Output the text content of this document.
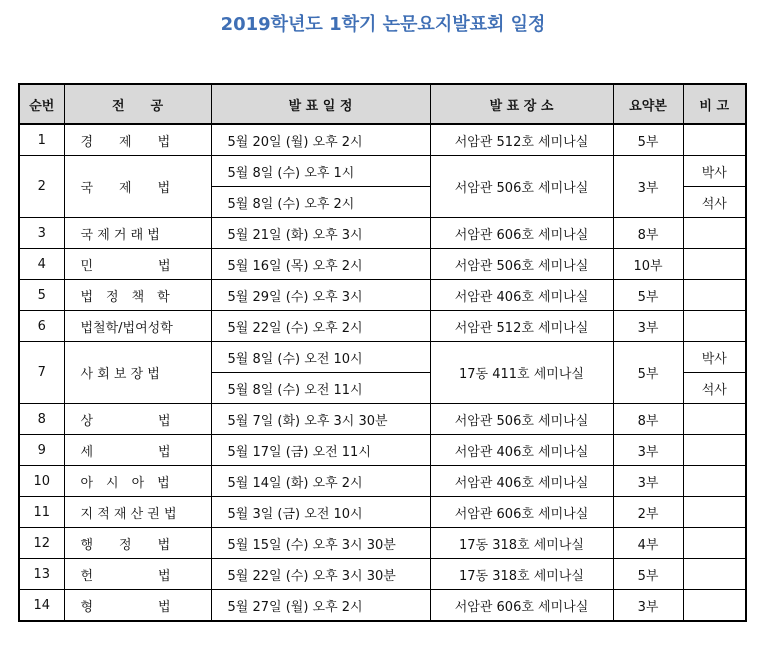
2019학년도 1학기 논문요지발표회 일정
순번	전　　공	발 표 일 정	발 표 장 소	요약본	비 고
1	경　　제　　법	5월 20일 (월) 오후 2시	서암관 512호 세미나실	5부	
2	국　　제　　법	5월 8일 (수) 오후 1시	서암관 506호 세미나실	3부	박사
		5월 8일 (수) 오후 2시			석사
3	국 제 거 래 법	5월 21일 (화) 오후 3시	서암관 606호 세미나실	8부	
4	민　　　　　법	5월 16일 (목) 오후 2시	서암관 506호 세미나실	10부	
5	법　정　책　학	5월 29일 (수) 오후 3시	서암관 406호 세미나실	5부	
6	법철학/법여성학	5월 22일 (수) 오후 2시	서암관 512호 세미나실	3부	
7	사 회 보 장 법	5월 8일 (수) 오전 10시	17동 411호 세미나실	5부	박사
		5월 8일 (수) 오전 11시			석사
8	상　　　　　법	5월 7일 (화) 오후 3시 30분	서암관 506호 세미나실	8부	
9	세　　　　　법	5월 17일 (금) 오전 11시	서암관 406호 세미나실	3부	
10	아　시　아　법	5월 14일 (화) 오후 2시	서암관 406호 세미나실	3부	
11	지 적 재 산 권 법	5월 3일 (금) 오전 10시	서암관 606호 세미나실	2부	
12	행　　정　　법	5월 15일 (수) 오후 3시 30분	17동 318호 세미나실	4부	
13	헌　　　　　법	5월 22일 (수) 오후 3시 30분	17동 318호 세미나실	5부	
14	형　　　　　법	5월 27일 (월) 오후 2시	서암관 606호 세미나실	3부	
